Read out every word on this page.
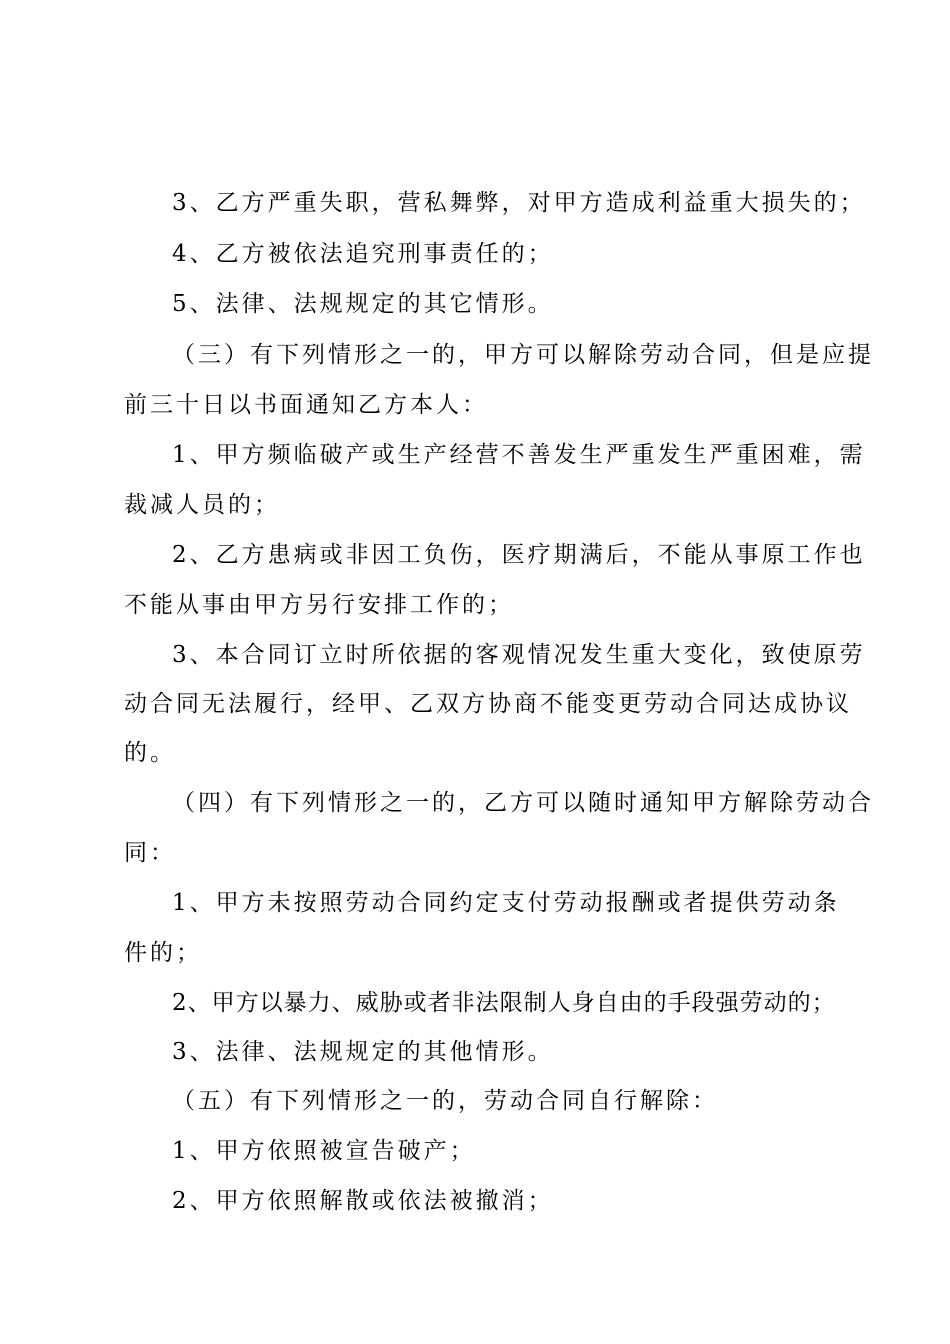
3、乙方严重失职，营私舞弊，对甲方造成利益重大损失的；
4、乙方被依法追究刑事责任的；
5、法律、法规规定的其它情形。
（三）有下列情形之一的，甲方可以解除劳动合同，但是应提
前三十日以书面通知乙方本人：
1、甲方频临破产或生产经营不善发生严重发生严重困难，需
裁减人员的；
2、乙方患病或非因工负伤，医疗期满后，不能从事原工作也
不能从事由甲方另行安排工作的；
3、本合同订立时所依据的客观情况发生重大变化，致使原劳
动合同无法履行，经甲、乙双方协商不能变更劳动合同达成协议
的。
（四）有下列情形之一的，乙方可以随时通知甲方解除劳动合
同：
1、甲方未按照劳动合同约定支付劳动报酬或者提供劳动条
件的；
2、甲方以暴力、威胁或者非法限制人身自由的手段强劳动的；
3、法律、法规规定的其他情形。
（五）有下列情形之一的，劳动合同自行解除：
1、甲方依照被宣告破产；
2、甲方依照解散或依法被撤消；
